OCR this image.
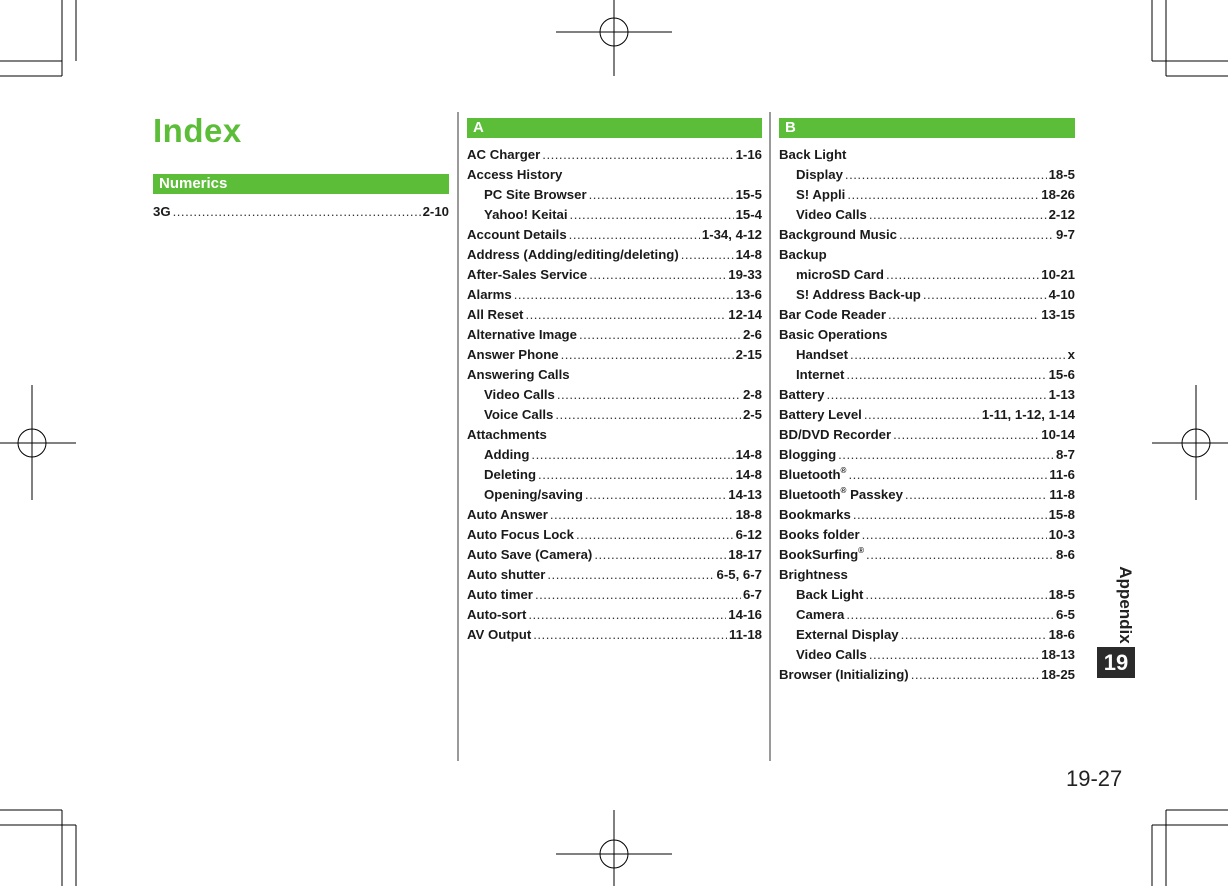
Index
Numerics
3G .....	2-10
A
AC Charger .....	1-16
Access History
PC Site Browser .....	15-5
Yahoo! Keitai .....	15-4
Account Details .....	1-34, 4-12
Address (Adding/editing/deleting) .....	14-8
After-Sales Service .....	19-33
Alarms .....	13-6
All Reset .....	12-14
Alternative Image .....	2-6
Answer Phone .....	2-15
Answering Calls
Video Calls .....	2-8
Voice Calls .....	2-5
Attachments
Adding .....	14-8
Deleting .....	14-8
Opening/saving .....	14-13
Auto Answer .....	18-8
Auto Focus Lock .....	6-12
Auto Save (Camera) .....	18-17
Auto shutter .....	6-5, 6-7
Auto timer .....	6-7
Auto-sort .....	14-16
AV Output .....	11-18
B
Back Light
Display .....	18-5
S! Appli .....	18-26
Video Calls .....	2-12
Background Music .....	9-7
Backup
microSD Card .....	10-21
S! Address Back-up .....	4-10
Bar Code Reader .....	13-15
Basic Operations
Handset .....	x
Internet .....	15-6
Battery .....	1-13
Battery Level .....	1-11, 1-12, 1-14
BD/DVD Recorder .....	10-14
Blogging .....	8-7
Bluetooth® .....	11-6
Bluetooth® Passkey .....	11-8
Bookmarks .....	15-8
Books folder .....	10-3
BookSurfing® .....	8-6
Brightness
Back Light .....	18-5
Camera .....	6-5
External Display .....	18-6
Video Calls .....	18-13
Browser (Initializing) .....	18-25
Appendix
19
19-27
